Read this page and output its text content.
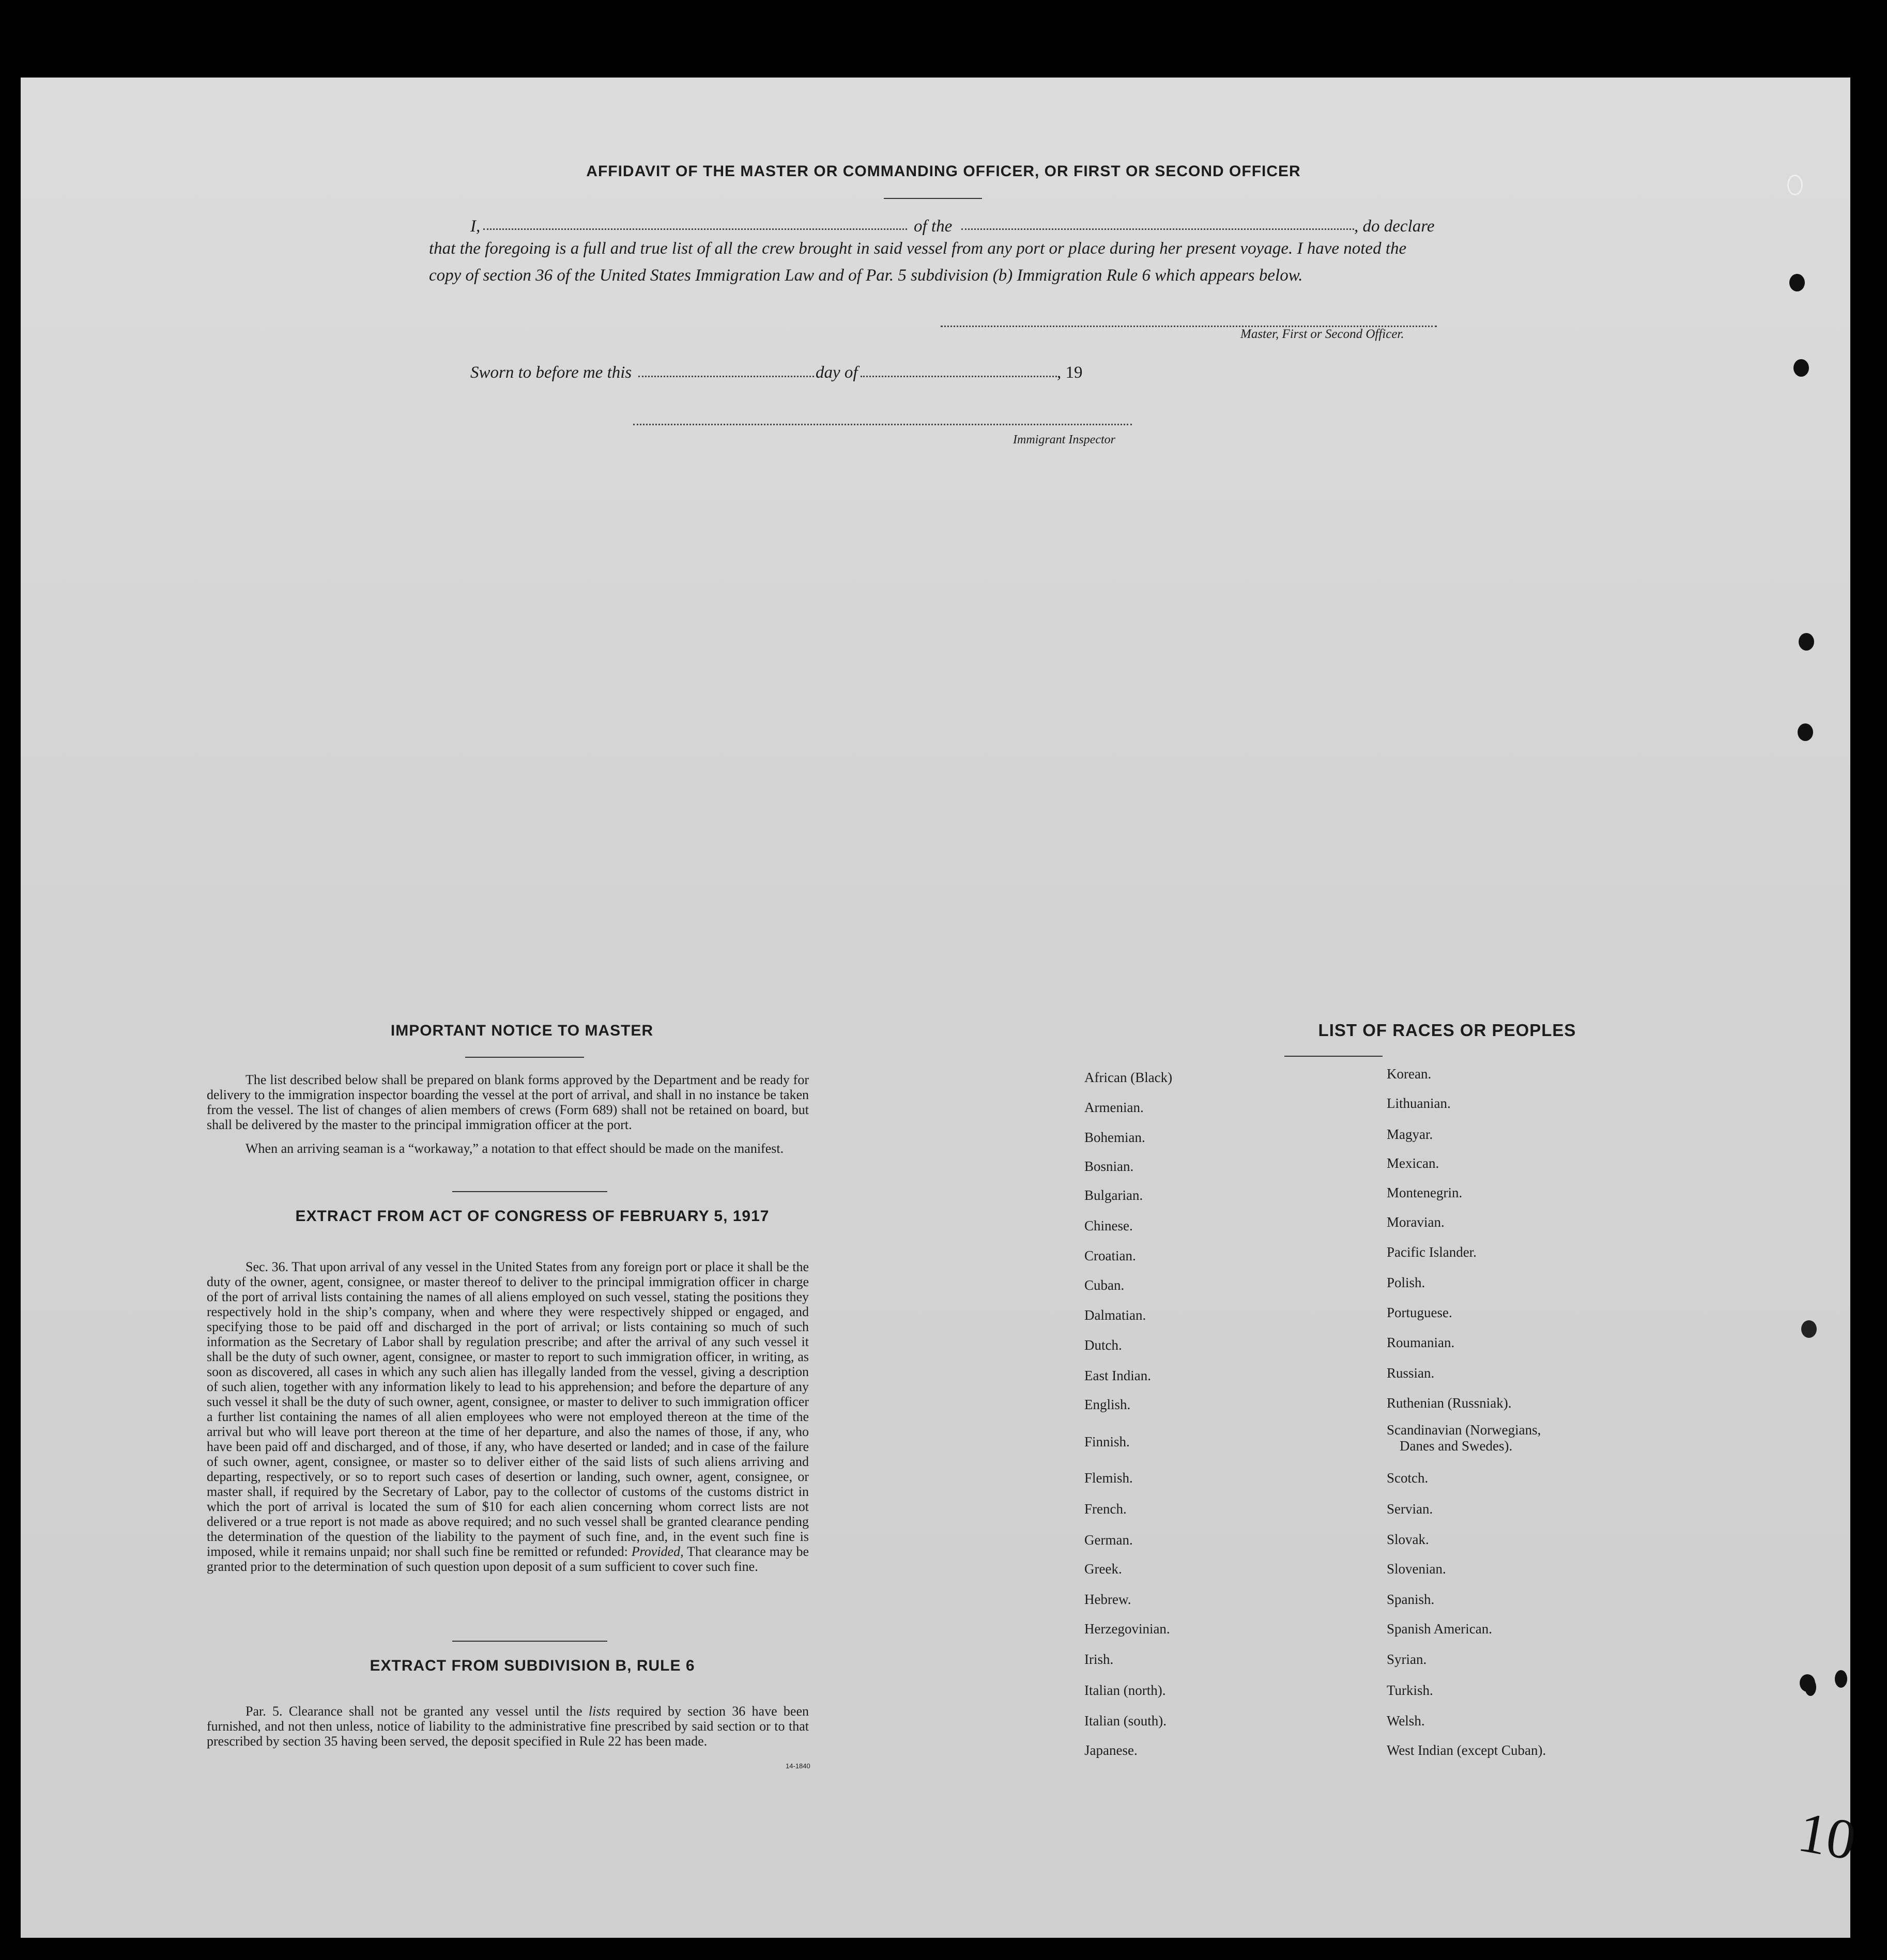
AFFIDAVIT OF THE MASTER OR COMMANDING OFFICER, OR FIRST OR SECOND OFFICER
I,	of the	, do declare
that the foregoing is a full and true list of all the crew brought in said vessel from any port or place during her present voyage. I have noted the
copy of section 36 of the United States Immigration Law and of Par. 5 subdivision (b) Immigration Rule 6 which appears below.
Master, First or Second Officer.
Sworn to before me this	day of	, 19
Immigrant Inspector
IMPORTANT NOTICE TO MASTER
The list described below shall be prepared on blank forms approved by the Department and be ready for delivery to the immigration inspector boarding the vessel at the port of arrival, and shall in no instance be taken from the vessel. The list of changes of alien members of crews (Form 689) shall not be retained on board, but shall be delivered by the master to the principal immigration officer at the port.
When an arriving seaman is a “workaway,” a notation to that effect should be made on the manifest.
EXTRACT FROM ACT OF CONGRESS OF FEBRUARY 5, 1917
Sec. 36. That upon arrival of any vessel in the United States from any foreign port or place it shall be the duty of the owner, agent, consignee, or master thereof to deliver to the principal immigration officer in charge of the port of arrival lists containing the names of all aliens employed on such vessel, stating the positions they respectively hold in the ship’s company, when and where they were respectively shipped or engaged, and specifying those to be paid off and discharged in the port of arrival; or lists containing so much of such information as the Secretary of Labor shall by regulation prescribe; and after the arrival of any such vessel it shall be the duty of such owner, agent, consignee, or master to report to such immigration officer, in writing, as soon as discovered, all cases in which any such alien has illegally landed from the vessel, giving a description of such alien, together with any information likely to lead to his apprehension; and before the departure of any such vessel it shall be the duty of such owner, agent, consignee, or master to deliver to such immigration officer a further list containing the names of all alien employees who were not employed thereon at the time of the arrival but who will leave port thereon at the time of her departure, and also the names of those, if any, who have been paid off and discharged, and of those, if any, who have deserted or landed; and in case of the failure of such owner, agent, consignee, or master so to deliver either of the said lists of such aliens arriving and departing, respectively, or so to report such cases of desertion or landing, such owner, agent, consignee, or master shall, if required by the Secretary of Labor, pay to the collector of customs of the customs district in which the port of arrival is located the sum of $10 for each alien concerning whom correct lists are not delivered or a true report is not made as above required; and no such vessel shall be granted clearance pending the determination of the question of the liability to the payment of such fine, and, in the event such fine is imposed, while it remains unpaid; nor shall such fine be remitted or refunded: Provided, That clearance may be granted prior to the determination of such question upon deposit of a sum sufficient to cover such fine.
EXTRACT FROM SUBDIVISION B, RULE 6
Par. 5. Clearance shall not be granted any vessel until the lists required by section 36 have been furnished, and not then unless, notice of liability to the administrative fine prescribed by said section or to that prescribed by section 35 having been served, the deposit specified in Rule 22 has been made.
14-1840
LIST OF RACES OR PEOPLES
African (Black)
Armenian.
Bohemian.
Bosnian.
Bulgarian.
Chinese.
Croatian.
Cuban.
Dalmatian.
Dutch.
East Indian.
English.
Finnish.
Flemish.
French.
German.
Greek.
Hebrew.
Herzegovinian.
Irish.
Italian (north).
Italian (south).
Japanese.
Korean.
Lithuanian.
Magyar.
Mexican.
Montenegrin.
Moravian.
Pacific Islander.
Polish.
Portuguese.
Roumanian.
Russian.
Ruthenian (Russniak).
Scandinavian (Norwegians,
Danes and Swedes).
Scotch.
Servian.
Slovak.
Slovenian.
Spanish.
Spanish American.
Syrian.
Turkish.
Welsh.
West Indian (except Cuban).
10
